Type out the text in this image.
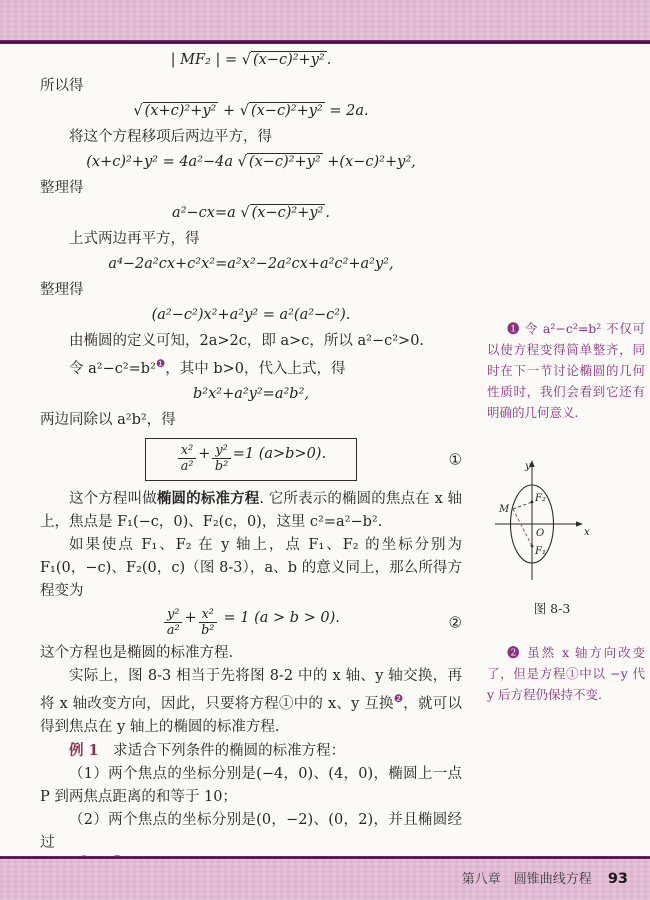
| MF₂ | = √ (x−c)²+y² .

所以得

√ (x+c)²+y² + √ (x−c)²+y² = 2a.

将这个方程移项后两边平方，得

(x+c)²+y² = 4a²−4a √ (x−c)²+y² +(x−c)²+y²,

整理得

a²−cx=a √ (x−c)²+y² .

上式两边再平方，得

a⁴−2a²cx+c²x²=a²x²−2a²cx+a²c²+a²y²,

整理得

(a²−c²)x²+a²y² = a²(a²−c²).

由椭圆的定义可知，2a>2c，即 a>c，所以 a²−c²>0.

令 a²−c²=b²$^❶$，其中 b>0，代入上式，得

b²x²+a²y²=a²b²,

两边同除以 a²b²，得

$\frac{\text{x²}}{\text{a²}} + \frac{\text{y²}}{\text{b²}} =1$ (a>b>0).	①

这个方程叫做椭圆的标准方程. 它所表示的椭圆的焦点在 x 轴上，焦点是 F₁(−c，0)、F₂(c，0)，这里 c²=a²−b².

如果使点 F₁、F₂ 在 y 轴上，点 F₁、F₂ 的坐标分别为 F₁(0，−c)、F₂(0，c)（图 8-3），a、b 的意义同上，那么所得方程变为

$\frac{\text{y²}}{\text{a²}} + \frac{\text{x²}}{\text{b²}} = 1$ (a > b > 0).	②

这个方程也是椭圆的标准方程.

实际上，图 8-3 相当于先将图 8-2 中的 x 轴、y 轴交换，再将 x 轴改变方向，因此，只要将方程①中的 x、y 互换$^❷$，就可以得到焦点在 y 轴上的椭圆的标准方程.

例 1　 求适合下列条件的椭圆的标准方程：

（1）两个焦点的坐标分别是(−4，0)、(4，0)，椭圆上一点 P 到两焦点距离的和等于 10；

（2）两个焦点的坐标分别是(0，−2)、(0，2)，并且椭圆经过

❶ 令 a²−c²=b² 不仅可以使方程变得简单整齐，同时在下一节讨论椭圆的几何性质时，我们会看到它还有明确的几何意义.
y
x
O
F₂
F₁
M
图 8-3
❷ 虽然 x 轴方向改变了，但是方程①中以 −y 代 y 后方程仍保持不变.
第八章　圆锥曲线方程 93
